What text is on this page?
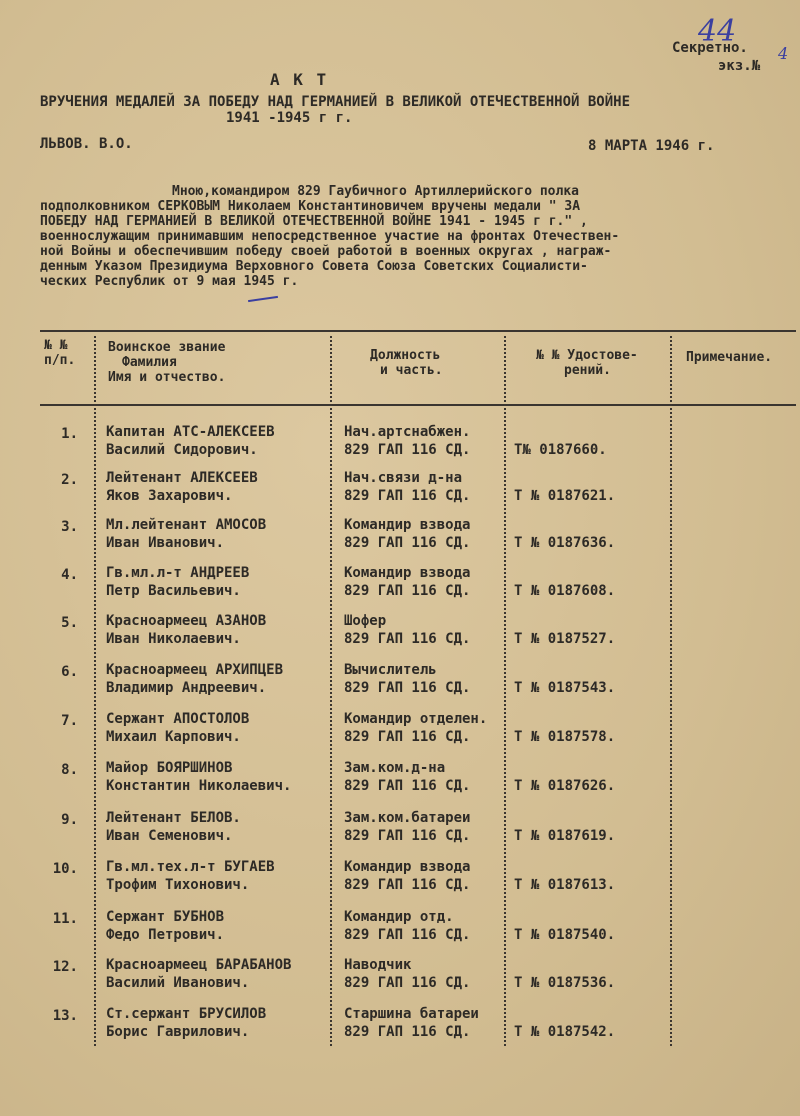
44
4
Секретно.
экз.№
А К Т
ВРУЧЕНИЯ МЕДАЛЕЙ ЗА ПОБЕДУ НАД ГЕРМАНИЕЙ В ВЕЛИКОЙ ОТЕЧЕСТВЕННОЙ ВОЙНЕ
1941 -1945 г г.
ЛЬВОВ. В.О.	8 МАРТА 1946 г.
Мною,командиром 829 Гаубичного Артиллерийского полка
подполковником СЕРКОВЫМ Николаем Константиновичем вручены медали " ЗА
ПОБЕДУ НАД ГЕРМАНИЕЙ В ВЕЛИКОЙ ОТЕЧЕСТВЕННОЙ ВОЙНЕ 1941 - 1945 г г." ,
военнослужащим принимавшим непосредственное участие на фронтах Отечествен-
ной Войны и обеспечившим победу своей работой в военных округах , награж-
денным Указом Президиума Верховного Совета Союза Советских Социалисти-
ческих Республик от 9 мая 1945 г.
№ №
п/п.
Воинское звание
Фамилия
Имя и отчество.
Должность
и часть.
№ № Удостове-
рений.
Примечание.
1. Капитан АТС-АЛЕКСЕЕВ
Василий Сидорович.
Нач.артснабжен.
829 ГАП 116 СД.	Т№ 0187660.
2. Лейтенант АЛЕКСЕЕВ
Яков Захарович.
Нач.связи д-на
829 ГАП 116 СД.	Т № 0187621.
3. Мл.лейтенант АМОСОВ
Иван Иванович.
Командир взвода
829 ГАП 116 СД.	Т № 0187636.
4. Гв.мл.л-т АНДРЕЕВ
Петр Васильевич.
Командир взвода
829 ГАП 116 СД.	Т № 0187608.
5. Красноармеец АЗАНОВ
Иван Николаевич.
Шофер
829 ГАП 116 СД.	Т № 0187527.
6. Красноармеец АРХИПЦЕВ
Владимир Андреевич.
Вычислитель
829 ГАП 116 СД.	Т № 0187543.
7. Сержант АПОСТОЛОВ
Михаил Карпович.
Командир отделен.
829 ГАП 116 СД.	Т № 0187578.
8. Майор БОЯРШИНОВ
Константин Николаевич.
Зам.ком.д-на
829 ГАП 116 СД.	Т № 0187626.
9. Лейтенант БЕЛОВ.
Иван Семенович.
Зам.ком.батареи
829 ГАП 116 СД.	Т № 0187619.
10. Гв.мл.тех.л-т БУГАЕВ
Трофим Тихонович.
Командир взвода
829 ГАП 116 СД.	Т № 0187613.
11. Сержант БУБНОВ
Федо Петрович.
Командир отд.
829 ГАП 116 СД.	Т № 0187540.
12. Красноармеец БАРАБАНОВ
Василий Иванович.
Наводчик
829 ГАП 116 СД.	Т № 0187536.
13. Ст.сержант БРУСИЛОВ
Борис Гаврилович.
Старшина батареи
829 ГАП 116 СД.	Т № 0187542.
